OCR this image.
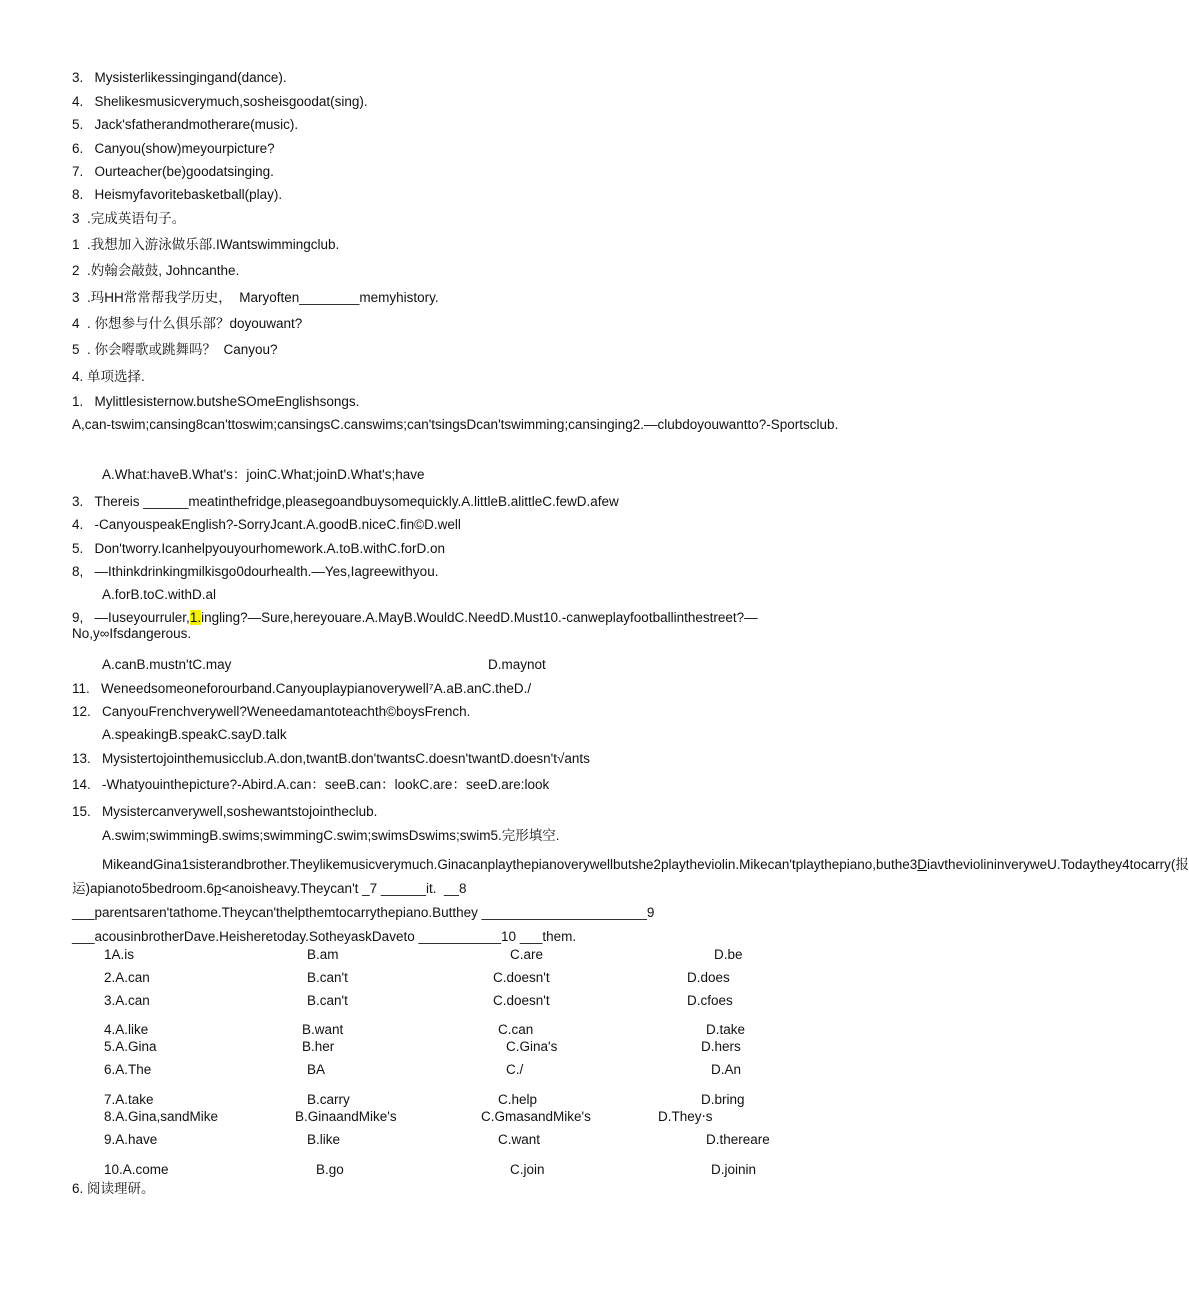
3.   Mysisterlikessingingand(dance).
4.   Shelikesmusicverymuch,sosheisgoodat(sing).
5.   Jack'sfatherandmotherare(music).
6.   Canyou(show)meyourpicture?
7.   Ourteacher(be)goodatsinging.
8.   Heismyfavoritebasketball(play).
3  .完成英语句子。
1  .我想加入游泳做乐部.IWantswimmingclub.
2  .妁翰会敲鼓, Johncanthe.
3  .玛HH常常帮我学历史，  Maryoften________memyhistory.
4  . 你想参与什么俱乐部？doyouwant?
5  . 你会嘚歌或跳舞吗？  Canyou?
4. 单项选择.
1.   Mylittlesisternow.butsheSOmeEnglishsongs.
A,can-tswim;cansing8can'ttoswim;cansingsC.canswims;can'tsingsDcan'tswimming;cansinging2.—clubdoyouwantto?-Sportsclub.
A.What:haveB.What's：joinC.What;joinD.What's;have
3.   Thereis ______meatinthefridge,pleasegoandbuysomequickly.A.littleB.alittleC.fewD.afew
4.   -CanyouspeakEnglish?-SorryJcant.A.goodB.niceC.fin©D.well
5.   Don'tworry.Icanhelpyouyourhomework.A.toB.withC.forD.on
8,   —Ithinkdrinkingmilkisgo0dourhealth.—Yes,Iagreewithyou.
A.forB.toC.withD.al
9,   —Iuseyourruler,1.ingling?—Sure,hereyouare.A.MayB.WouldC.NeedD.Must10.-canweplayfootballinthestreet?—No,y∞Ifsdangerous.
A.canB.mustn'tC.may	D.maynot
11.   Weneedsomeoneforourband.Canyouplaypianoverywell⁷A.aB.anC.theD./
12.   CanyouFrenchverywell?Weneedamantoteachth©boysFrench.
A.speakingB.speakC.sayD.talk
13.   Mysistertojointhemusicclub.A.don,twantB.don'twantsC.doesn'twantD.doesn't√ants
14.   -Whatyouinthepicture?-Abird.A.can：seeB.can：lookC.are：seeD.are:look
15.   Mysistercanverywell,soshewantstojointheclub.
A.swim;swimmingB.swims;swimmingC.swim;swimsDswims;swim5.完形填空.
MikeandGina1sisterandbrother.Theylikemusicverymuch.Ginacanplaythepianoverywellbutshe2playtheviolin.Mikecan'tplaythepiano,buthe3DiavtheviolininveryweU.Todaythey4tocarry(报运)apianoto5bedroom.6p<anoisheavy.Theycan't _7 ______it.  __8 ___parentsaren'tathome.Theycan'thelpthemtocarrythepiano.Butthey ______________________9 ___acousinbrotherDave.Heisheretoday.SotheyaskDaveto ___________10 ___them.
1A.is	B.am	C.are	D.be
2.A.can	B.can't	C.doesn't	D.does
3.A.can	B.can't	C.doesn't	D.cfoes
4.A.like	B.want	C.can	D.take
5.A.Gina	B.her	C.Gina's	D.hers
6.A.The	BA	C./	D.An
7.A.take	B.carry	C.help	D.bring
8.A.Gina,sandMike	B.GinaandMike's	C.GmasandMike's	D.They‧s
9.A.have	B.like	C.want	D.thereare
10.A.come	B.go	C.join	D.joinin
6. 阅读理研。
